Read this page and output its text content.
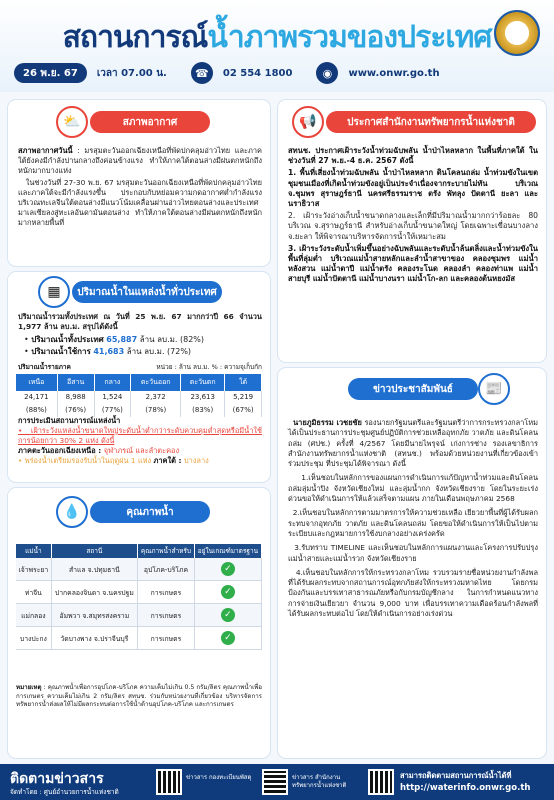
สถานการณ์น้ำภาพรวมของประเทศ
26 พ.ย. 67	เวลา 07.00 น.	☎	02 554 1800	◉	www.onwr.go.th
⛅	สภาพอากาศ
สภาพอากาศวันนี้ : มรสุมตะวันออกเฉียงเหนือที่พัดปกคลุมอ่าวไทย และภาคใต้ยังคงมีกำลังปานกลางถึงค่อนข้างแรง ทำให้ภาคใต้ตอนล่างมีฝนตกหนักถึงหนักมากบางแห่ง
ในช่วงวันที่ 27-30 พ.ย. 67 มรสุมตะวันออกเฉียงเหนือที่พัดปกคลุมอ่าวไทยและภาคใต้จะมีกำลังแรงขึ้น ประกอบกับหย่อมความกดอากาศต่ำกำลังแรงบริเวณทะเลจีนใต้ตอนล่างมีแนวโน้มเคลื่อนผ่านอ่าวไทยตอนล่างและประเทศมาเลเซียลงสู่ทะเลอันดามันตอนล่าง ทำให้ภาคใต้ตอนล่างมีฝนตกหนักถึงหนักมากหลายพื้นที่
▦	ปริมาณน้ำในแหล่งน้ำทั่วประเทศ
ปริมาณน้ำรวมทั้งประเทศ ณ วันที่ 25 พ.ย. 67 มากกว่าปี 66 จำนวน 1,977 ล้าน ลบ.ม. สรุปได้ดังนี้
• ปริมาณน้ำทั้งประเทศ 65,887 ล้าน ลบ.ม. (82%)
• ปริมาณน้ำใช้การ 41,683 ล้าน ลบ.ม. (72%)
ปริมาณน้ำรายภาค	หน่วย : ล้าน ลบ.ม. % : ความจุเก็บกัก
เหนือ	อีสาน	กลาง	ตะวันออก	ตะวันตก	ใต้
24,171	8,988	1,524	2,372	23,613	5,219
(88%)	(76%)	(77%)	(78%)	(83%)	(67%)
การประเมินสถานการณ์แหล่งน้ำ
• เฝ้าระวังแหล่งน้ำขนาดใหญ่ระดับน้ำต่ำกว่าระดับควบคุมต่ำสุดหรือมีน้ำใช้การน้อยกว่า 30% 2 แห่ง ดังนี้
ภาคตะวันออกเฉียงเหนือ : จุฬาภรณ์ และลำตะคอง
• พร่องน้ำเตรียมรองรับน้ำในฤดูฝน 1 แห่ง ภาคใต้ : บางลาง
💧	คุณภาพน้ำ
แม่น้ำ	สถานี	คุณภาพน้ำสำหรับ	อยู่ในเกณฑ์มาตรฐาน
เจ้าพระยา	สำแล จ.ปทุมธานี	อุปโภค-บริโภค	✓
ท่าจีน	ปากคลองจินดา จ.นครปฐม	การเกษตร	✓
แม่กลอง	อัมพวา จ.สมุทรสงคราม	การเกษตร	✓
บางปะกง	วัดบางพาง จ.ปราจีนบุรี	การเกษตร	✓
หมายเหตุ : คุณภาพน้ำเพื่อการอุปโภค-บริโภค ความเค็มไม่เกิน 0.5 กรัม/ลิตร คุณภาพน้ำเพื่อการเกษตร ความเค็มไม่เกิน 2 กรัม/ลิตร สทนช. ร่วมกับหน่วยงานที่เกี่ยวข้อง บริหารจัดการทรัพยากรน้ำส่งผลให้ไม่มีผลกระทบต่อการใช้น้ำด้านอุปโภค-บริโภค และการเกษตร
📢	ประกาศสำนักงานทรัพยากรน้ำแห่งชาติ
สทนช. ประกาศเฝ้าระวังน้ำท่วมฉับพลัน น้ำป่าไหลหลาก ในพื้นที่ภาคใต้ ในช่วงวันที่ 27 พ.ย.-4 ธ.ค. 2567 ดังนี้
1. พื้นที่เสี่ยงน้ำท่วมฉับพลัน น้ำป่าไหลหลาก ดินโคลนถล่ม น้ำท่วมขังในเขตชุมชนเมืองที่เกิดน้ำท่วมขังอยู่เป็นประจำเนื่องจากระบายไม่ทัน บริเวณ จ.ชุมพร สุราษฎร์ธานี นครศรีธรรมราช ตรัง พัทลุง ปัตตานี ยะลา และนราธิวาส
2. เฝ้าระวังอ่างเก็บน้ำขนาดกลางและเล็กที่มีปริมาณน้ำมากกว่าร้อยละ 80 บริเวณ จ.สุราษฎร์ธานี สำหรับอ่างเก็บน้ำขนาดใหญ่ โดยเฉพาะเขื่อนบางลาง จ.ยะลา ให้พิจารณาบริหารจัดการน้ำให้เหมาะสม
3. เฝ้าระวังระดับน้ำเพิ่มขึ้นอย่างฉับพลันและระดับน้ำล้นตลิ่งและน้ำท่วมขังในพื้นที่ลุ่มต่ำ บริเวณแม่น้ำสายหลักและลำน้ำสาขาของ คลองชุมพร แม่น้ำหลังสวน แม่น้ำตาปี แม่น้ำตรัง คลองระโนด คลองลำ คลองท่าแพ แม่น้ำสายบุรี แม่น้ำปัตตานี แม่น้ำบางนรา แม่น้ำโก-ลก และคลองต้นหยงมัส
ข่าวประชาสัมพันธ์	📰
นายภูมิธรรม เวชยชัย รองนายกรัฐมนตรีและรัฐมนตรีว่าการกระทรวงกลาโหม ได้เป็นประธานการประชุมศูนย์ปฏิบัติการช่วยเหลืออุทกภัย วาตภัย และดินโคลนถล่ม (ศปช.) ครั้งที่ 4/2567 โดยมีนายไพรุจน์ เก่งการช่าง รองเลขาธิการสำนักงานทรัพยากรน้ำแห่งชาติ (สทนช.) พร้อมด้วยหน่วยงานที่เกี่ยวข้องเข้าร่วมประชุม ที่ประชุมได้พิจารณา ดังนี้
1.เห็นชอบในหลักการของแผนการดำเนินการแก้ปัญหาน้ำท่วมและดินโคลนถล่มลุ่มน้ำปิง จังหวัดเชียงใหม่ และลุ่มน้ำกก จังหวัดเชียงราย โดยในระยะเร่งด่วนขอให้ดำเนินการให้แล้วเสร็จตามแผน ภายในเดือนพฤษภาคม 2568
2.เห็นชอบในหลักการตามมาตรการให้ความช่วยเหลือ เยียวยาพื้นที่ผู้ได้รับผลกระทบจากอุทกภัย วาตภัย และดินโคลนถล่ม โดยขอให้ดำเนินการให้เป็นไปตามระเบียบและกฎหมายการใช้งบกลางอย่างเคร่งครัด
3.รับทราบ TIMELINE และเห็นชอบในหลักการแผนงานและโครงการปรับปรุงแม่น้ำสายและแม่น้ำรวก จังหวัดเชียงราย
4.เห็นชอบในหลักการให้กระทรวงกลาโหม รวบรวมรายชื่อหน่วยงานกำลังพลที่ได้รับผลกระทบจากสถานการณ์อุทกภัยส่งให้กระทรวงมหาดไทย โดยกรมป้องกันและบรรเทาสาธารณภัยหรือกับกรมบัญชีกลาง ในการกำหนดแนวทางการจ่ายเงินเยียวยา จำนวน 9,000 บาท เพื่อบรรเทาความเดือดร้อนกำลังพลที่ได้รับผลกระทบต่อไป โดยให้ดำเนินการอย่างเร่งด่วน
ติดตามข่าวสาร
จัดทำโดย : ศูนย์อำนวยการน้ำแห่งชาติ
ข่าวสาร กองทะเบียนพัสดุ	ข่าวสาร สำนักงานทรัพยากรน้ำแห่งชาติ
สามารถติดตามสถานการณ์น้ำได้ที่
http://waterinfo.onwr.go.th
